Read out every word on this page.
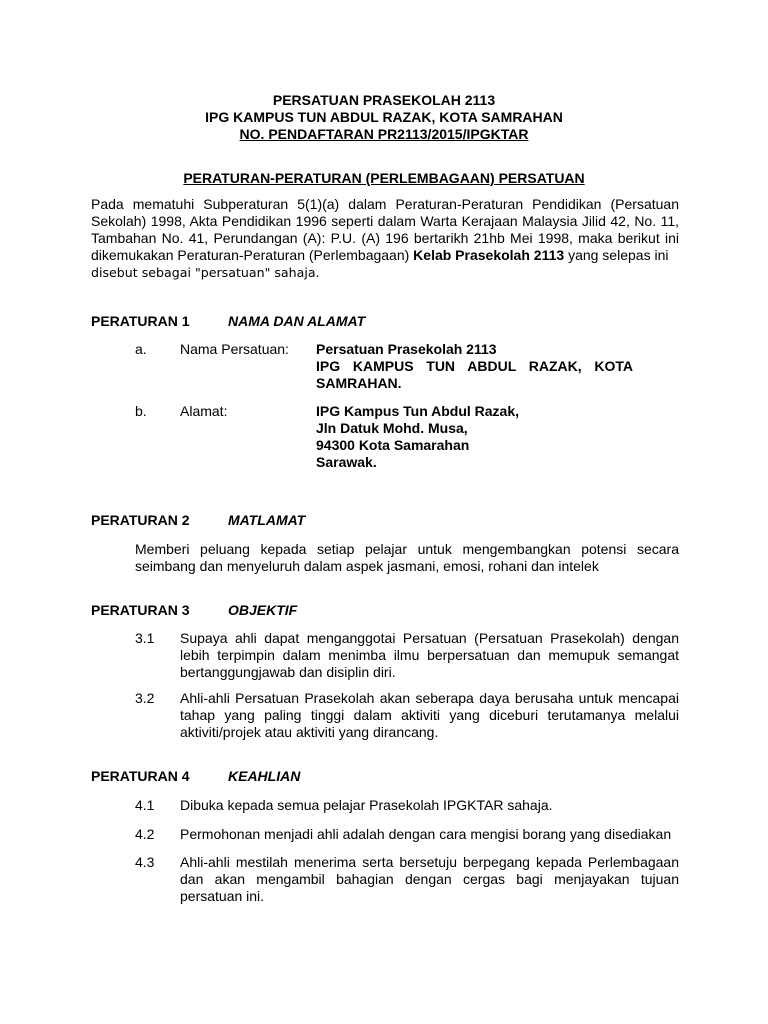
PERSATUAN PRASEKOLAH 2113
IPG KAMPUS TUN ABDUL RAZAK, KOTA SAMRAHAN
NO. PENDAFTARAN PR2113/2015/IPGKTAR
PERATURAN-PERATURAN (PERLEMBAGAAN) PERSATUAN
Pada mematuhi Subperaturan 5(1)(a) dalam Peraturan-Peraturan Pendidikan (Persatuan Sekolah) 1998, Akta Pendidikan 1996 seperti dalam Warta Kerajaan Malaysia Jilid 42, No. 11, Tambahan No. 41, Perundangan (A): P.U. (A) 196 bertarikh 21hb Mei 1998, maka berikut ini dikemukakan Peraturan-Peraturan (Perlembagaan) Kelab Prasekolah 2113 yang selepas ini
disebut sebagai "persatuan" sahaja.
PERATURAN 1	NAMA DAN ALAMAT
a. Nama Persatuan: Persatuan Prasekolah 2113
IPG KAMPUS TUN ABDUL RAZAK, KOTA
SAMRAHAN.
b. Alamat:	IPG Kampus Tun Abdul Razak,
Jln Datuk Mohd. Musa,
94300 Kota Samarahan
Sarawak.
PERATURAN 2	MATLAMAT
Memberi peluang kepada setiap pelajar untuk mengembangkan potensi secara seimbang dan menyeluruh dalam aspek jasmani, emosi, rohani dan intelek
PERATURAN 3	OBJEKTIF
3.1 Supaya ahli dapat menganggotai Persatuan (Persatuan Prasekolah) dengan lebih terpimpin dalam menimba ilmu berpersatuan dan memupuk semangat bertanggungjawab dan disiplin diri.
3.2 Ahli-ahli Persatuan Prasekolah akan seberapa daya berusaha untuk mencapai tahap yang paling tinggi dalam aktiviti yang diceburi terutamanya melalui aktiviti/projek atau aktiviti yang dirancang.
PERATURAN 4	KEAHLIAN
4.1 Dibuka kepada semua pelajar Prasekolah IPGKTAR sahaja.
4.2 Permohonan menjadi ahli adalah dengan cara mengisi borang yang disediakan
4.3 Ahli-ahli mestilah menerima serta bersetuju berpegang kepada Perlembagaan dan akan mengambil bahagian dengan cergas bagi menjayakan tujuan persatuan ini.
